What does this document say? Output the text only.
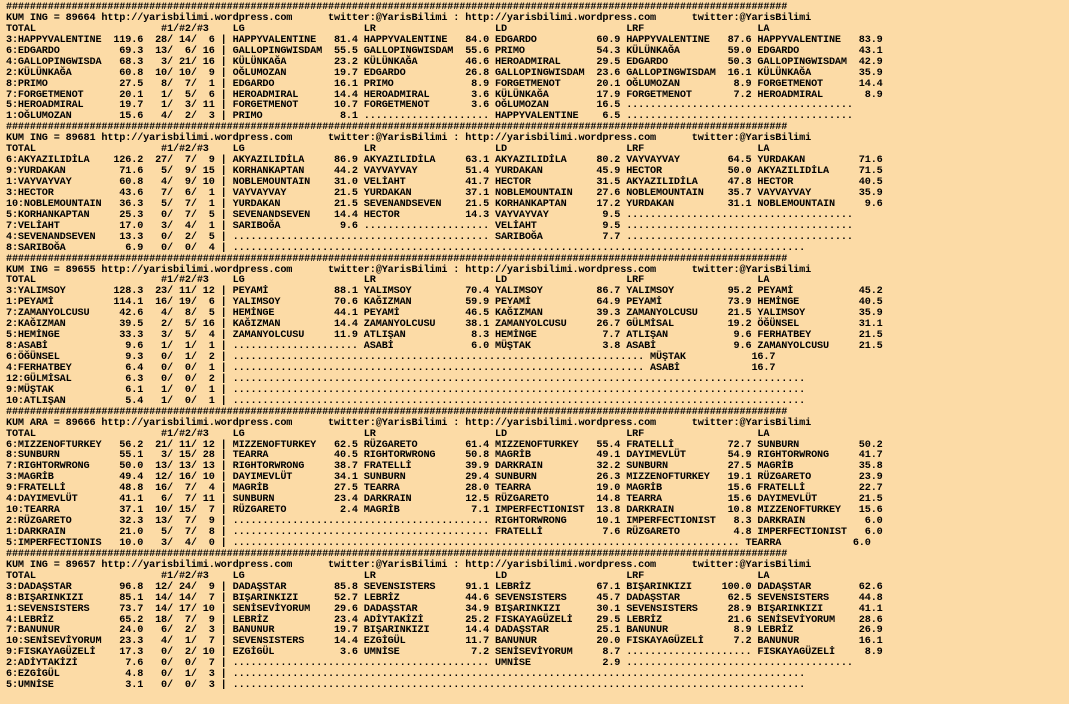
###################################################################################################################################
KUM ING = 89664 http://yarisbilimi.wordpress.com      twitter:@YarisBilimi : http://yarisbilimi.wordpress.com      twitter:@YarisBilimi
TOTAL                     #1/#2/#3    LG                    LR                    LD                    LRF                   LA
3:HAPPYVALENTINE  119.6  28/ 14/  6 | HAPPYVALENTINE   81.4 HAPPYVALENTINE   84.0 EDGARDO          60.9 HAPPYVALENTINE   87.6 HAPPYVALENTINE   83.9
6:EDGARDO          69.3  13/  6/ 16 | GALLOPINGWISDAM  55.5 GALLOPINGWISDAM  55.6 PRIMO            54.3 KÜLÜNKAĞA        59.0 EDGARDO          43.1
4:GALLOPINGWISDA   68.3   3/ 21/ 16 | KÜLÜNKAĞA        23.2 KÜLÜNKAĞA        46.6 HEROADMIRAL      29.5 EDGARDO          50.3 GALLOPINGWISDAM  42.9
2:KÜLÜNKAĞA        60.8  10/ 10/  9 | OĞLUMOZAN        19.7 EDGARDO          26.8 GALLOPINGWISDAM  23.6 GALLOPINGWISDAM  16.1 KÜLÜNKAĞA        35.9
8:PRIMO            27.5   8/  7/  1 | EDGARDO          16.1 PRIMO             8.9 FORGETMENOT      20.1 OĞLUMOZAN         8.9 FORGETMENOT      14.4
7:FORGETMENOT      20.1   1/  5/  6 | HEROADMIRAL      14.4 HEROADMIRAL       3.6 KÜLÜNKAĞA        17.9 FORGETMENOT       7.2 HEROADMIRAL       8.9
5:HEROADMIRAL      19.7   1/  3/ 11 | FORGETMENOT      10.7 FORGETMENOT       3.6 OĞLUMOZAN        16.5 ......................................
1:OĞLUMOZAN        15.6   4/  2/  3 | PRIMO             8.1 ..................... HAPPYVALENTINE    6.5 ......................................
###################################################################################################################################
KUM ING = 89681 http://yarisbilimi.wordpress.com      twitter:@YarisBilimi : http://yarisbilimi.wordpress.com      twitter:@YarisBilimi
TOTAL                     #1/#2/#3    LG                    LR                    LD                    LRF                   LA
6:AKYAZILIDİLA    126.2  27/  7/  9 | AKYAZILIDİLA     86.9 AKYAZILIDİLA     63.1 AKYAZILIDİLA     80.2 VAYVAYVAY        64.5 YURDAKAN         71.6
9:YURDAKAN         71.6   5/  9/ 15 | KORHANKAPTAN     44.2 VAYVAYVAY        51.4 YURDAKAN         45.9 HECTOR           50.0 AKYAZILIDİLA     71.5
1:VAYVAYVAY        60.8   4/  9/ 10 | NOBLEMOUNTAIN    31.0 VELİAHT          41.7 HECTOR           31.5 AKYAZILIDİLA     47.8 HECTOR           40.5
3:HECTOR           43.6   7/  6/  1 | VAYVAYVAY        21.5 YURDAKAN         37.1 NOBLEMOUNTAIN    27.6 NOBLEMOUNTAIN    35.7 VAYVAYVAY        35.9
10:NOBLEMOUNTAIN   36.3   5/  7/  1 | YURDAKAN         21.5 SEVENANDSEVEN    21.5 KORHANKAPTAN     17.2 YURDAKAN         31.1 NOBLEMOUNTAIN     9.6
5:KORHANKAPTAN     25.3   0/  7/  5 | SEVENANDSEVEN    14.4 HECTOR           14.3 VAYVAYVAY         9.5 ......................................
7:VELİAHT          17.0   3/  4/  1 | SARIBOĞA          9.6 ..................... VELİAHT           9.5 ......................................
4:SEVENANDSEVEN    13.3   0/  2/  5 | ........................................... SARIBOĞA          7.7 ......................................
8:SARIBOĞA          6.9   0/  0/  4 | ................................................................................................
###################################################################################################################################
KUM ING = 89655 http://yarisbilimi.wordpress.com      twitter:@YarisBilimi : http://yarisbilimi.wordpress.com      twitter:@YarisBilimi
TOTAL                     #1/#2/#3    LG                    LR                    LD                    LRF                   LA
3:YALIMSOY        128.3  23/ 11/ 12 | PEYAMİ           88.1 YALIMSOY         70.4 YALIMSOY         86.7 YALIMSOY         95.2 PEYAMİ           45.2
1:PEYAMİ          114.1  16/ 19/  6 | YALIMSOY         70.6 KAĞIZMAN         59.9 PEYAMİ           64.9 PEYAMİ           73.9 HEMİNGE          40.5
7:ZAMANYOLCUSU     42.6   4/  8/  5 | HEMİNGE          44.1 PEYAMİ           46.5 KAĞIZMAN         39.3 ZAMANYOLCUSU     21.5 YALIMSOY         35.9
2:KAĞIZMAN         39.5   2/  5/ 16 | KAĞIZMAN         14.4 ZAMANYOLCUSU     38.1 ZAMANYOLCUSU     26.7 GÜLMİSAL         19.2 ÖĞÜNSEL          31.1
5:HEMİNGE          33.3   3/  5/  4 | ZAMANYOLCUSU     11.9 ATLIŞAN           8.3 HEMİNGE           7.7 ATLIŞAN           9.6 FERHATBEY        21.5
8:ASABİ             9.6   1/  1/  1 | ..................... ASABİ             6.0 MÜŞTAK            3.8 ASABİ             9.6 ZAMANYOLCUSU     21.5
6:ÖĞÜNSEL           9.3   0/  1/  2 | ..................................................................... MÜŞTAK           16.7
4:FERHATBEY         6.4   0/  0/  1 | ..................................................................... ASABİ            16.7
12:GÜLMİSAL         6.3   0/  0/  2 | ................................................................................................
9:MÜŞTAK            6.1   1/  0/  1 | ................................................................................................
10:ATLIŞAN          5.4   1/  0/  1 | ................................................................................................
###################################################################################################################################
KUM ARA = 89666 http://yarisbilimi.wordpress.com      twitter:@YarisBilimi : http://yarisbilimi.wordpress.com      twitter:@YarisBilimi
TOTAL                     #1/#2/#3    LG                    LR                    LD                    LRF                   LA
6:MIZZENOFTURKEY   56.2  21/ 11/ 12 | MIZZENOFTURKEY   62.5 RÜZGARETO        61.4 MIZZENOFTURKEY   55.4 FRATELLİ         72.7 SUNBURN          50.2
8:SUNBURN          55.1   3/ 15/ 28 | TEARRA           40.5 RIGHTORWRONG     50.8 MAGRİB           49.1 DAYIMEVLÜT       54.9 RIGHTORWRONG     41.7
7:RIGHTORWRONG     50.0  13/ 13/ 13 | RIGHTORWRONG     38.7 FRATELLİ         39.9 DARKRAIN         32.2 SUNBURN          27.5 MAGRİB           35.8
3:MAGRİB           49.4  12/ 16/ 10 | DAYIMEVLÜT       34.1 SUNBURN          29.4 SUNBURN          26.3 MIZZENOFTURKEY   19.1 RÜZGARETO        23.9
9:FRATELLİ         48.8  16/  7/  4 | MAGRİB           27.5 TEARRA           28.0 TEARRA           19.0 MAGRİB           15.6 FRATELLİ         22.7
4:DAYIMEVLÜT       41.1   6/  7/ 11 | SUNBURN          23.4 DARKRAIN         12.5 RÜZGARETO        14.8 TEARRA           15.6 DAYIMEVLÜT       21.5
10:TEARRA          37.1  10/ 15/  7 | RÜZGARETO         2.4 MAGRİB            7.1 IMPERFECTIONIST  13.8 DARKRAIN         10.8 MIZZENOFTURKEY   15.6
2:RÜZGARETO        32.3  13/  7/  9 | ........................................... RIGHTORWRONG     10.1 IMPERFECTIONIST   8.3 DARKRAIN          6.0
1:DARKRAIN         21.0   5/  7/  8 | ........................................... FRATELLİ          7.6 RÜZGARETO         4.8 IMPERFECTIONIST   6.0
5:IMPERFECTIONIS   10.0   3/  4/  0 | ..................................................................................... TEARRA            6.0
###################################################################################################################################
KUM ING = 89657 http://yarisbilimi.wordpress.com      twitter:@YarisBilimi : http://yarisbilimi.wordpress.com      twitter:@YarisBilimi
TOTAL                     #1/#2/#3    LG                    LR                    LD                    LRF                   LA
3:DADAŞSTAR        96.8  12/ 24/  9 | DADAŞSTAR        85.8 SEVENSISTERS     91.1 LEBRİZ           67.1 BIŞARINKIZI     100.0 DADAŞSTAR        62.6
8:BIŞARINKIZI      85.1  14/ 14/  7 | BIŞARINKIZI      52.7 LEBRİZ           44.6 SEVENSISTERS     45.7 DADAŞSTAR        62.5 SEVENSISTERS     44.8
1:SEVENSISTERS     73.7  14/ 17/ 10 | SENİSEVİYORUM    29.6 DADAŞSTAR        34.9 BIŞARINKIZI      30.1 SEVENSISTERS     28.9 BIŞARINKIZI      41.1
4:LEBRİZ           65.2  18/  7/  9 | LEBRİZ           23.4 ADİYTAKİZİ       25.2 FISKAYAGÜZELİ    29.5 LEBRİZ           21.6 SENİSEVİYORUM    28.6
7:BANUNUR          24.0   6/  2/  3 | BANUNUR          19.7 BIŞARINKIZI      14.4 DADAŞSTAR        25.1 BANUNUR           8.9 LEBRİZ           26.9
10:SENİSEVİYORUM   23.3   4/  1/  7 | SEVENSISTERS     14.4 EZGİGÜL          11.7 BANUNUR          20.0 FISKAYAGÜZELİ     7.2 BANUNUR          16.1
9:FISKAYAGÜZELİ    17.3   0/  2/ 10 | EZGİGÜL           3.6 UMNİSE            7.2 SENİSEVİYORUM     8.7 ..................... FISKAYAGÜZELİ     8.9
2:ADİYTAKİZİ        7.6   0/  0/  7 | ........................................... UMNİSE            2.9 ......................................
6:EZGİGÜL           4.8   0/  1/  3 | ................................................................................................
5:UMNİSE            3.1   0/  0/  3 | ................................................................................................
